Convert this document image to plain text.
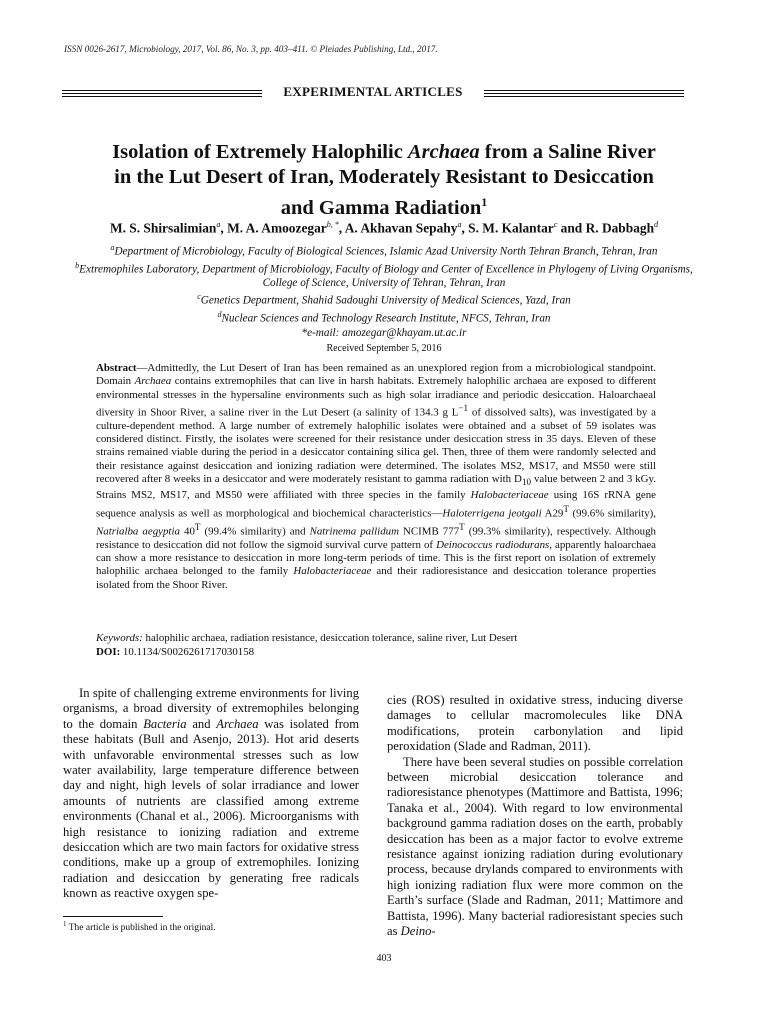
ISSN 0026-2617, Microbiology, 2017, Vol. 86, No. 3, pp. 403–411. © Pleiades Publishing, Ltd., 2017.
EXPERIMENTAL ARTICLES
Isolation of Extremely Halophilic Archaea from a Saline River
in the Lut Desert of Iran, Moderately Resistant to Desiccation
and Gamma Radiation$^1$
M. S. Shirsalimian$^a$, M. A. Amoozegar$^{b, *}$, A. Akhavan Sepahy$^a$, S. M. Kalantar$^c$ and R. Dabbagh$^d$
$^a$Department of Microbiology, Faculty of Biological Sciences, Islamic Azad University North Tehran Branch, Tehran, Iran
$^b$Extremophiles Laboratory, Department of Microbiology, Faculty of Biology and Center of Excellence in Phylogeny of Living Organisms, College of Science, University of Tehran, Tehran, Iran
$^c$Genetics Department, Shahid Sadoughi University of Medical Sciences, Yazd, Iran
$^d$Nuclear Sciences and Technology Research Institute, NFCS, Tehran, Iran
*e-mail: amozegar@khayam.ut.ac.ir
Received September 5, 2016
Abstract—Admittedly, the Lut Desert of Iran has been remained as an unexplored region from a microbiological standpoint. Domain Archaea contains extremophiles that can live in harsh habitats. Extremely halophilic archaea are exposed to different environmental stresses in the hypersaline environments such as high solar irradiance and periodic desiccation. Haloarchaeal diversity in Shoor River, a saline river in the Lut Desert (a salinity of 134.3 g $L^{-1}$ of dissolved salts), was investigated by a culture-dependent method. A large number of extremely halophilic isolates were obtained and a subset of 59 isolates was considered distinct. Firstly, the isolates were screened for their resistance under desiccation stress in 35 days. Eleven of these strains remained viable during the period in a desiccator containing silica gel. Then, three of them were randomly selected and their resistance against desiccation and ionizing radiation were determined. The isolates MS2, MS17, and MS50 were still recovered after 8 weeks in a desiccator and were moderately resistant to gamma radiation with $D_{10}$ value between 2 and 3 kGy. Strains MS2, MS17, and MS50 were affiliated with three species in the family Halobacteriaceae using 16S rRNA gene sequence analysis as well as morphological and biochemical characteristics—Haloterrigena jeotgali $A29^T$ (99.6% similarity), Natrialba aegyptia $40^T$ (99.4% similarity) and Natrinema pallidum NCIMB $777^T$ (99.3% similarity), respectively. Although resistance to desiccation did not follow the sigmoid survival curve pattern of Deinococcus radiodurans, apparently haloarchaea can show a more resistance to desiccation in more long-term periods of time. This is the first report on isolation of extremely halophilic archaea belonged to the family Halobacteriaceae and their radioresistance and desiccation tolerance properties isolated from the Shoor River.
Keywords: halophilic archaea, radiation resistance, desiccation tolerance, saline river, Lut Desert
DOI: 10.1134/S0026261717030158

In spite of challenging extreme environments for living organisms, a broad diversity of extremophiles belonging to the domain Bacteria and Archaea was isolated from these habitats (Bull and Asenjo, 2013). Hot arid deserts with unfavorable environmental stresses such as low water availability, large temperature difference between day and night, high levels of solar irradiance and lower amounts of nutrients are classified among extreme environments (Chanal et al., 2006). Microorganisms with high resistance to ionizing radiation and extreme desiccation which are two main factors for oxidative stress conditions, make up a group of extremophiles. Ionizing radiation and desiccation by generating free radicals known as reactive oxygen spe-

cies (ROS) resulted in oxidative stress, inducing diverse damages to cellular macromolecules like DNA modifications, protein carbonylation and lipid peroxidation (Slade and Radman, 2011).

There have been several studies on possible correlation between microbial desiccation tolerance and radioresistance phenotypes (Mattimore and Battista, 1996; Tanaka et al., 2004). With regard to low environmental background gamma radiation doses on the earth, probably desiccation has been as a major factor to evolve extreme resistance against ionizing radiation during evolutionary process, because drylands compared to environments with high ionizing radiation flux were more common on the Earth’s surface (Slade and Radman, 2011; Mattimore and Battista, 1996). Many bacterial radioresistant species such as Deino-

$^1$ The article is published in the original.
403
